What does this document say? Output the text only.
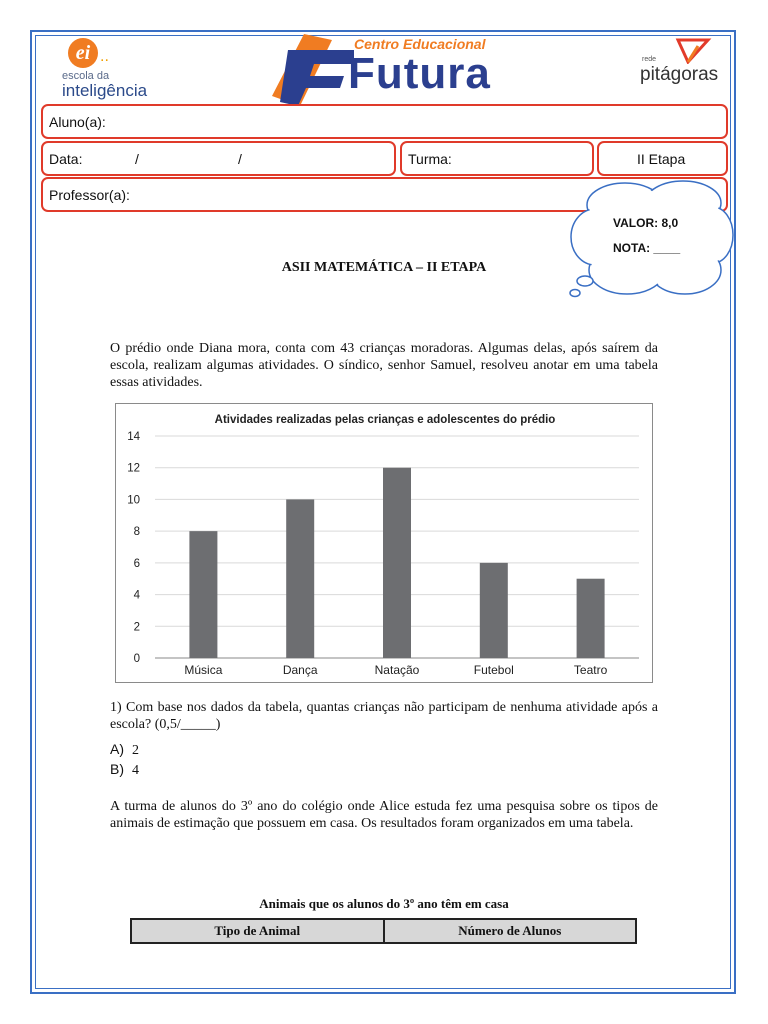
ei ..
escola da
inteligência
Centro Educacional
Futura	rede
pitágoras
Aluno(a):
Data:	/	/	Turma:	II Etapa
Professor(a):
VALOR: 8,0
NOTA: ____
ASII MATEMÁTICA – II ETAPA
O prédio onde Diana mora, conta com 43 crianças moradoras. Algumas delas, após saírem da escola, realizam algumas atividades. O síndico, senhor Samuel, resolveu anotar em uma tabela essas atividades.
Atividades realizadas pelas crianças e adolescentes do prédio
0
2
4
6
8
10
12
14
Música	Dança	Natação	Futebol	Teatro
1) Com base nos dados da tabela, quantas crianças não participam de nenhuma atividade após a escola? (0,5/_____)
A) 2
B) 4
A turma de alunos do 3º ano do colégio onde Alice estuda fez uma pesquisa sobre os tipos de animais de estimação que possuem em casa. Os resultados foram organizados em uma tabela.
Animais que os alunos do 3º ano têm em casa
Tipo de Animal	Número de Alunos
